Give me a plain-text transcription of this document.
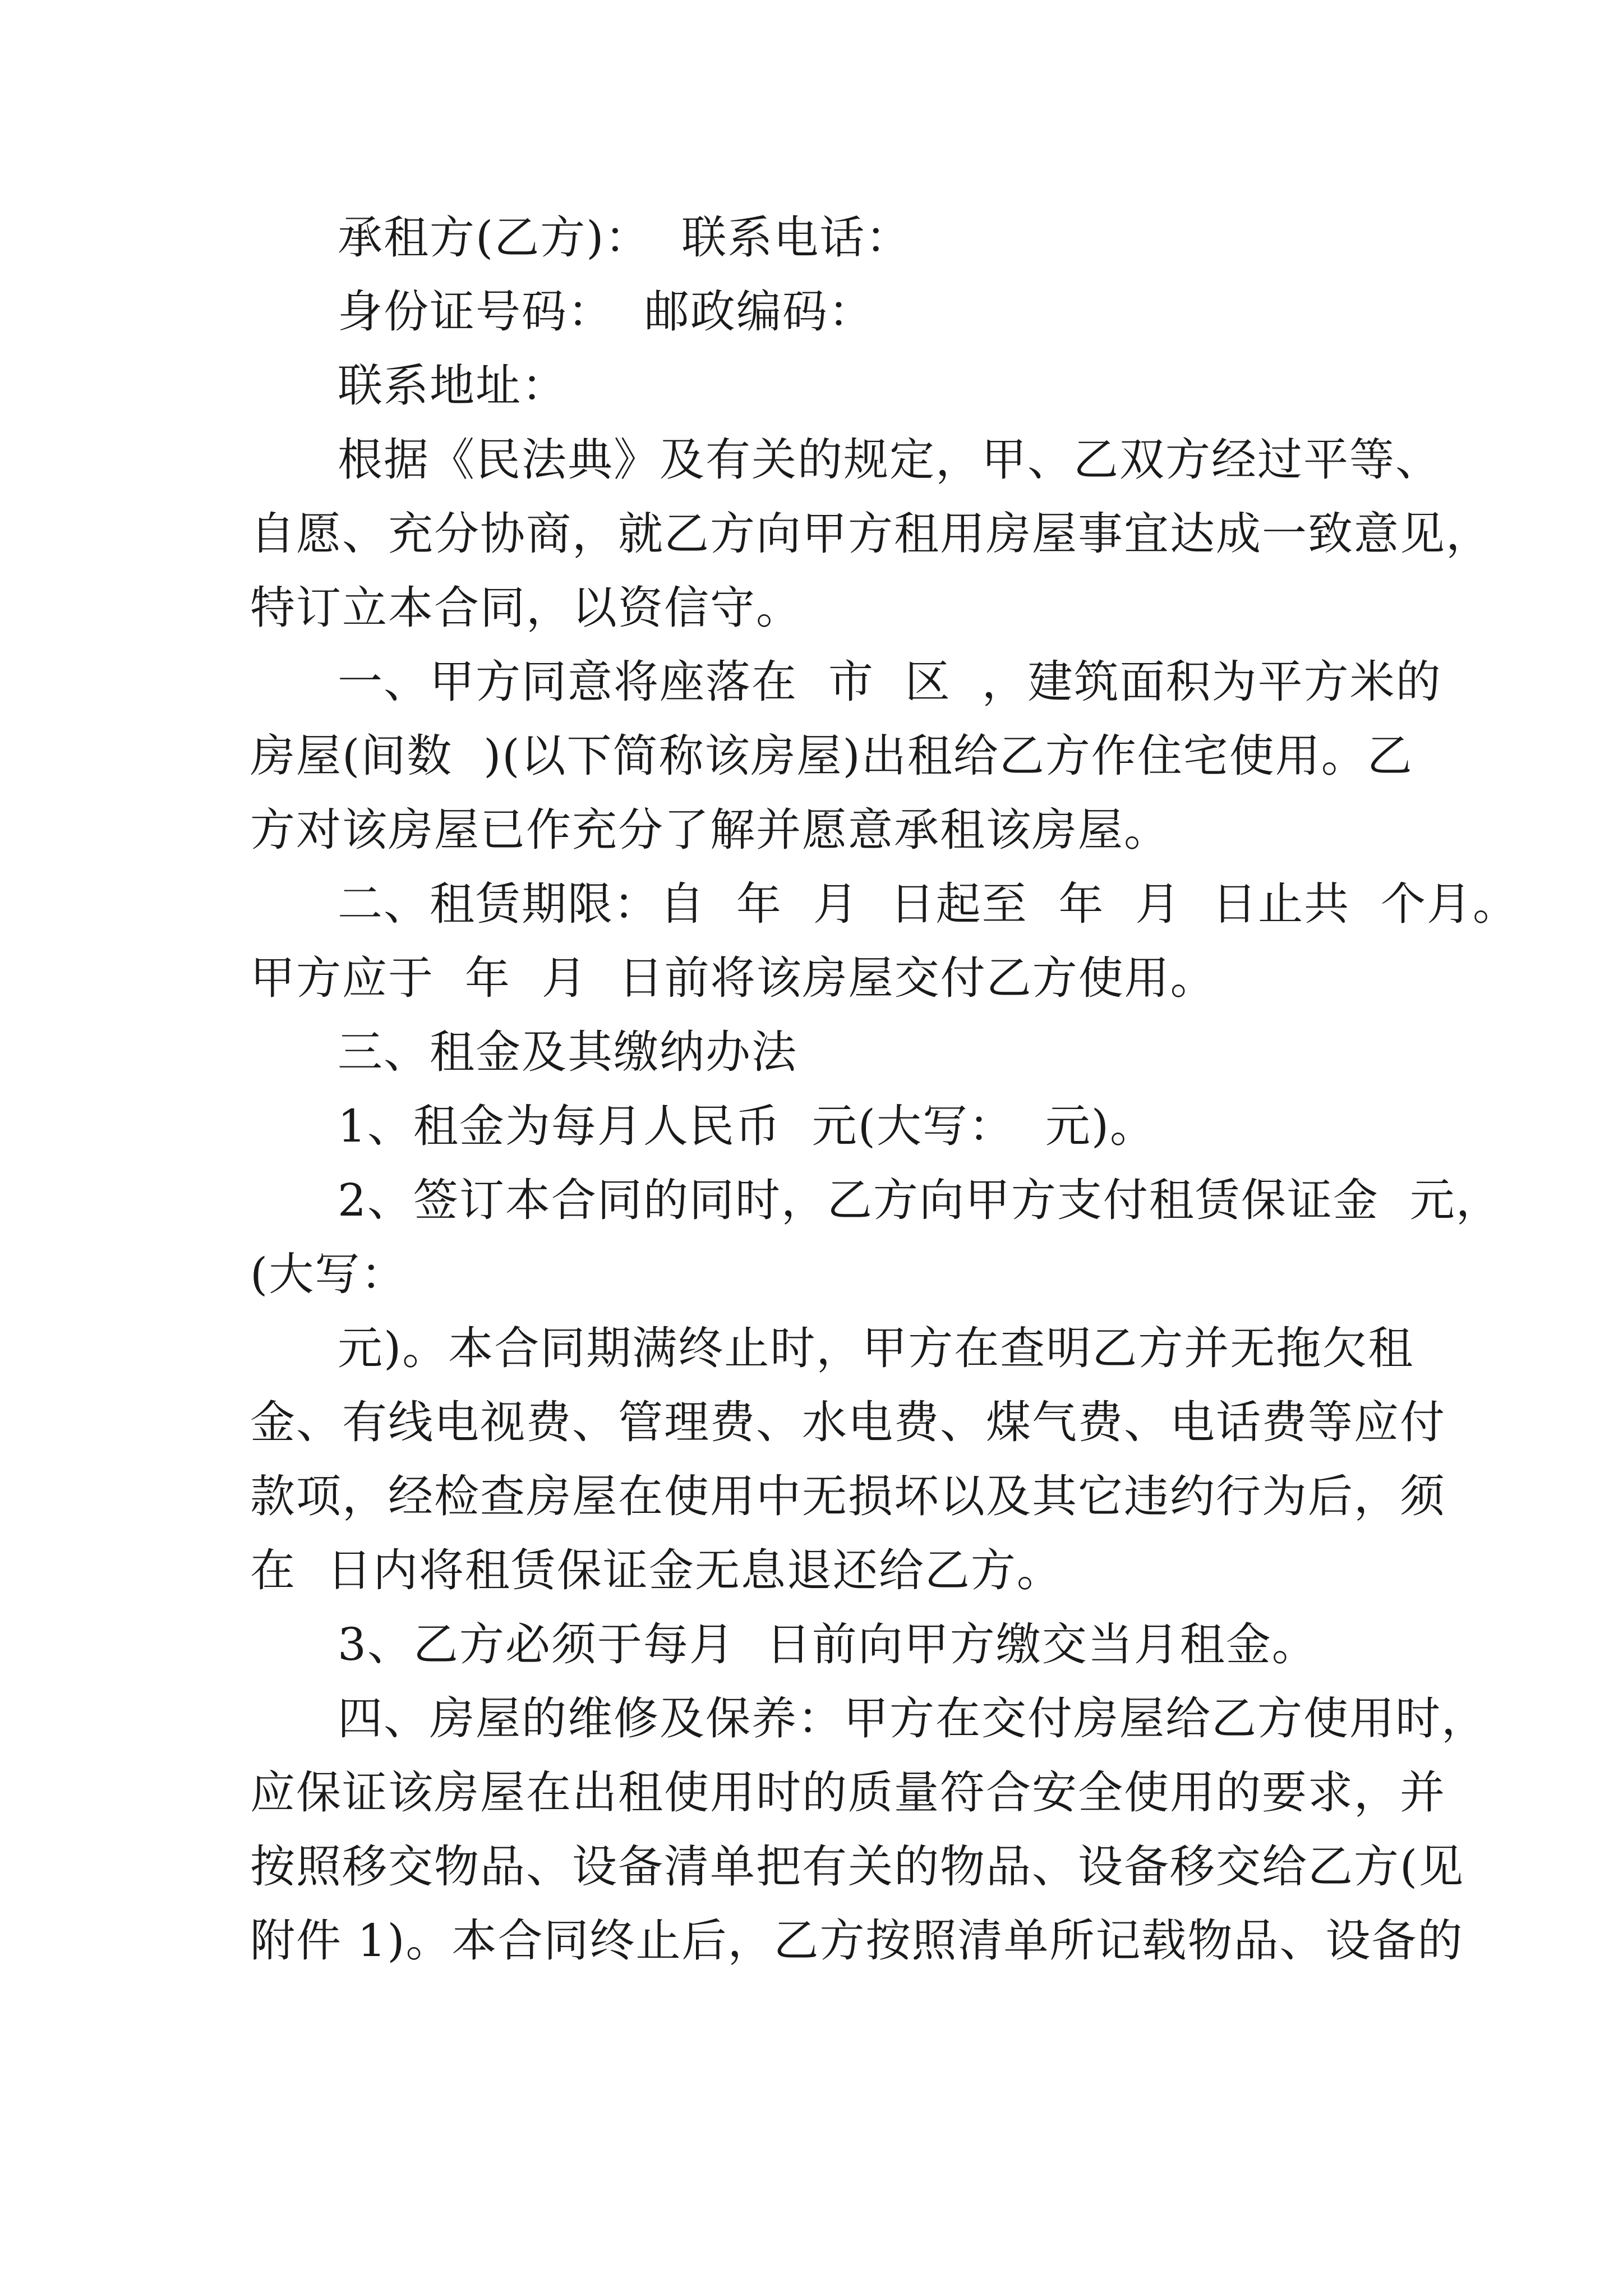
承租方(乙方)：  联系电话：
身份证号码：  邮政编码：
联系地址：
根据《民法典》及有关的规定，甲、乙双方经过平等、
自愿、充分协商，就乙方向甲方租用房屋事宜达成一致意见，
特订立本合同，以资信守。
一、甲方同意将座落在  市  区  ，建筑面积为平方米的
房屋(间数  )(以下简称该房屋)出租给乙方作住宅使用。乙
方对该房屋已作充分了解并愿意承租该房屋。
二、租赁期限：自  年  月  日起至  年  月  日止共  个月。
甲方应于  年  月  日前将该房屋交付乙方使用。
三、租金及其缴纳办法
1、租金为每月人民币  元(大写：  元)。
2、签订本合同的同时，乙方向甲方支付租赁保证金  元，
(大写：
元)。本合同期满终止时，甲方在查明乙方并无拖欠租
金、有线电视费、管理费、水电费、煤气费、电话费等应付
款项，经检查房屋在使用中无损坏以及其它违约行为后，须
在  日内将租赁保证金无息退还给乙方。
3、乙方必须于每月  日前向甲方缴交当月租金。
四、房屋的维修及保养：甲方在交付房屋给乙方使用时，
应保证该房屋在出租使用时的质量符合安全使用的要求，并
按照移交物品、设备清单把有关的物品、设备移交给乙方(见
附件 1)。本合同终止后，乙方按照清单所记载物品、设备的
